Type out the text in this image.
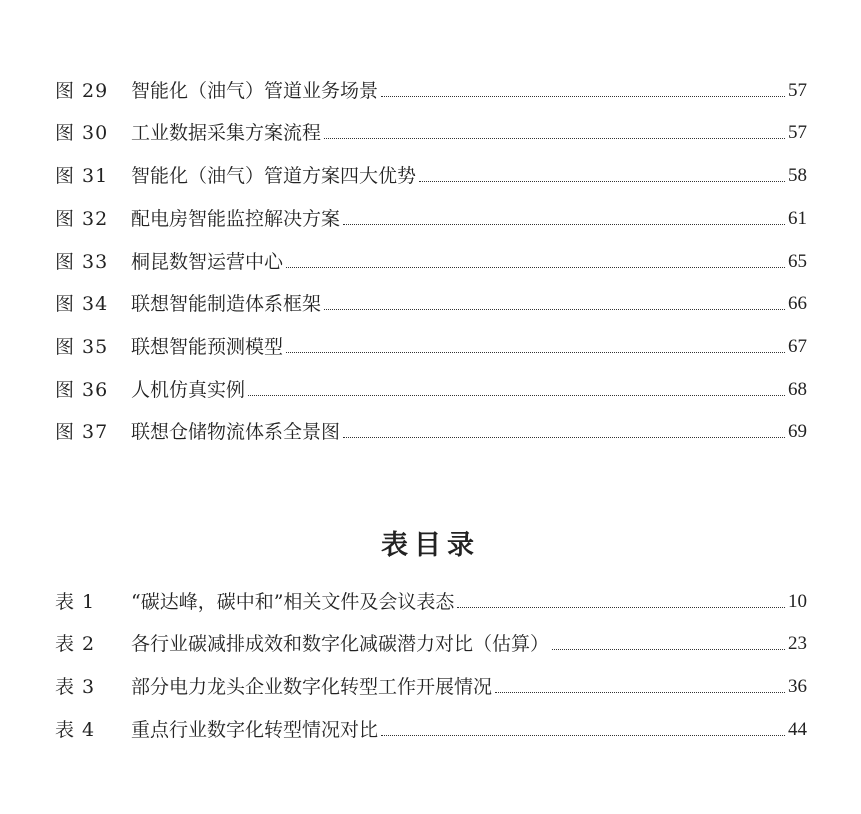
图 29	智能化（油气）管道业务场景	57
图 30	工业数据采集方案流程	57
图 31	智能化（油气）管道方案四大优势	58
图 32	配电房智能监控解决方案	61
图 33	桐昆数智运营中心	65
图 34	联想智能制造体系框架	66
图 35	联想智能预测模型	67
图 36	人机仿真实例	68
图 37	联想仓储物流体系全景图	69
表目录
表 1	“碳达峰，碳中和”相关文件及会议表态	10
表 2	各行业碳减排成效和数字化减碳潜力对比（估算）	23
表 3	部分电力龙头企业数字化转型工作开展情况	36
表 4	重点行业数字化转型情况对比	44
